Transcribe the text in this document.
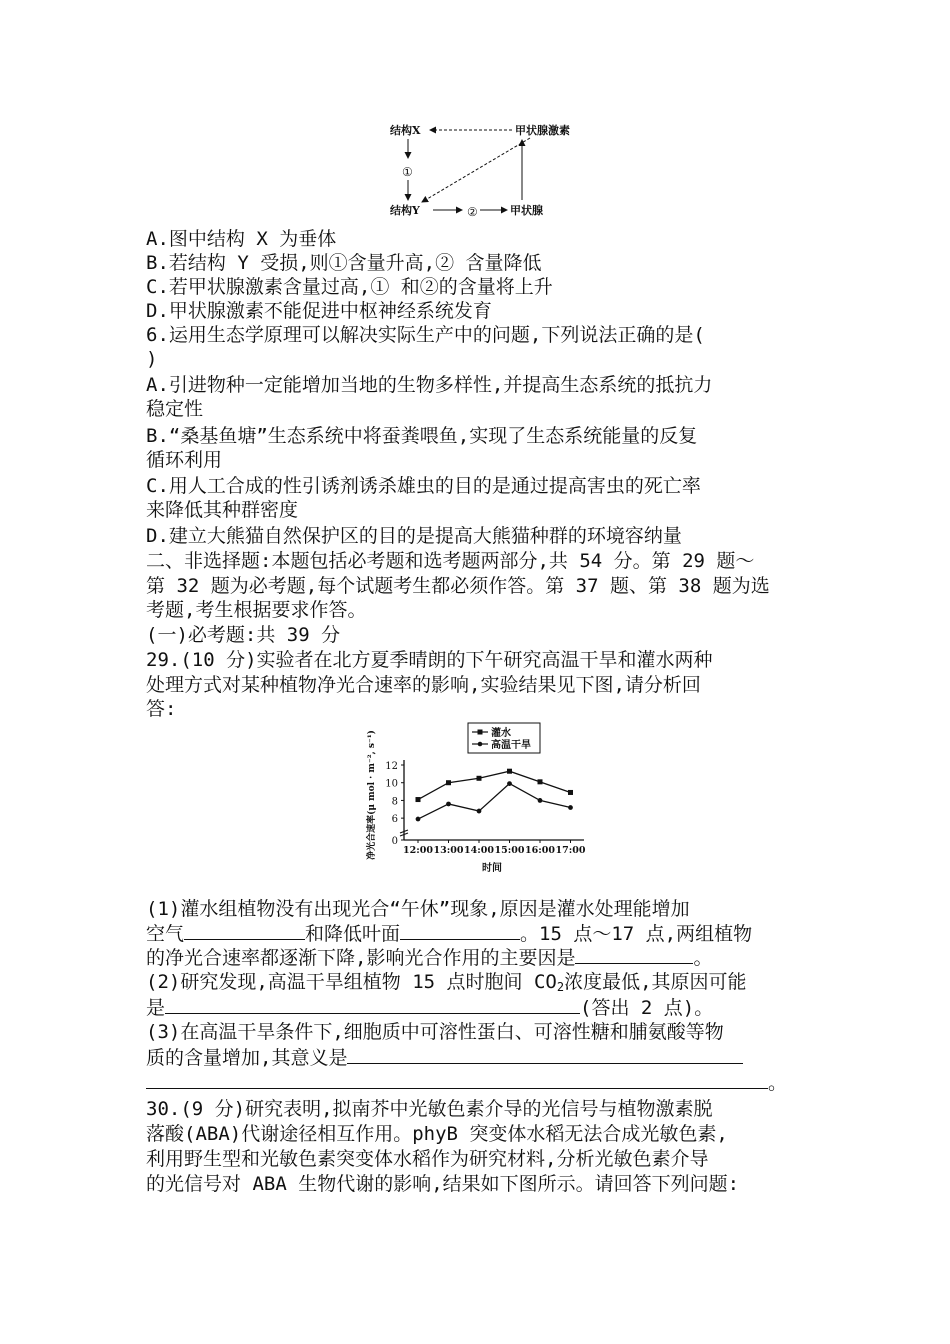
结构X	甲状腺激素
结构Y	甲状腺
①
②
A.图中结构 X 为垂体
B.若结构 Y 受损,则①含量升高,② 含量降低
C.若甲状腺激素含量过高,① 和②的含量将上升
D.甲状腺激素不能促进中枢神经系统发育
6.运用生态学原理可以解决实际生产中的问题,下列说法正确的是(
)
A.引进物种一定能增加当地的生物多样性,并提高生态系统的抵抗力
稳定性
B.“桑基鱼塘”生态系统中将蚕粪喂鱼,实现了生态系统能量的反复
循环利用
C.用人工合成的性引诱剂诱杀雄虫的目的是通过提高害虫的死亡率
来降低其种群密度
D.建立大熊猫自然保护区的目的是提高大熊猫种群的环境容纳量
二、非选择题:本题包括必考题和选考题两部分,共 54 分。第 29 题～
第 32 题为必考题,每个试题考生都必须作答。第 37 题、第 38 题为选
考题,考生根据要求作答。
(一)必考题:共 39 分
29.(10 分)实验者在北方夏季晴朗的下午研究高温干旱和灌水两种
处理方式对某种植物净光合速率的影响,实验结果见下图,请分析回
答:
0
6
8
10
12
12:00 13:00 14:00 15:00 16:00 17:00
时间
净光合速率(μ mol · m⁻², s⁻¹)	灌水
高温干旱
(1)灌水组植物没有出现光合“午休”现象,原因是灌水处理能增加
空气	和降低叶面	。15 点～17 点,两组植物
的净光合速率都逐渐下降,影响光合作用的主要因是	。
(2)研究发现,高温干旱组植物 15 点时胞间 $CO_2$浓度最低,其原因可能
是	(答出 2 点)。
(3)在高温干旱条件下,细胞质中可溶性蛋白、可溶性糖和脯氨酸等物
质的含量增加,其意义是
。
30.(9 分)研究表明,拟南芥中光敏色素介导的光信号与植物激素脱
落酸(ABA)代谢途径相互作用。phyB 突变体水稻无法合成光敏色素,
利用野生型和光敏色素突变体水稻作为研究材料,分析光敏色素介导
的光信号对 ABA 生物代谢的影响,结果如下图所示。请回答下列问题:
